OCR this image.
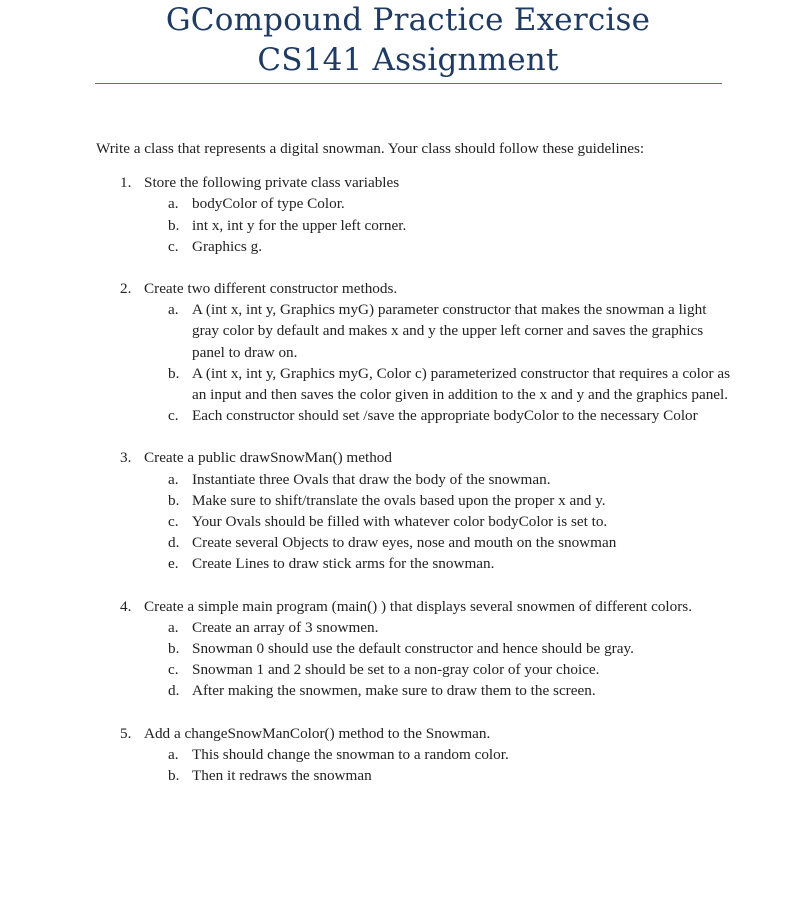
GCompound Practice Exercise
CS141 Assignment

Write a class that represents a digital snowman. Your class should follow these guidelines:

1. Store the following private class variables
a. bodyColor of type Color.
b. int x, int y for the upper left corner.
c. Graphics g.
2. Create two different constructor methods.
a. A (int x, int y, Graphics myG) parameter constructor that makes the snowman a light gray color by default and makes x and y the upper left corner and saves the graphics panel to draw on.
b. A (int x, int y, Graphics myG, Color c) parameterized constructor that requires a color as an input and then saves the color given in addition to the x and y and the graphics panel.
c. Each constructor should set /save the appropriate bodyColor to the necessary Color
3. Create a public drawSnowMan() method
a. Instantiate three Ovals that draw the body of the snowman.
b. Make sure to shift/translate the ovals based upon the proper x and y.
c. Your Ovals should be filled with whatever color bodyColor is set to.
d. Create several Objects to draw eyes, nose and mouth on the snowman
e. Create Lines to draw stick arms for the snowman.
4. Create a simple main program (main() ) that displays several snowmen of different colors.
a. Create an array of 3 snowmen.
b. Snowman 0 should use the default constructor and hence should be gray.
c. Snowman 1 and 2 should be set to a non-gray color of your choice.
d. After making the snowmen, make sure to draw them to the screen.
5. Add a changeSnowManColor() method to the Snowman.
a. This should change the snowman to a random color.
b. Then it redraws the snowman
